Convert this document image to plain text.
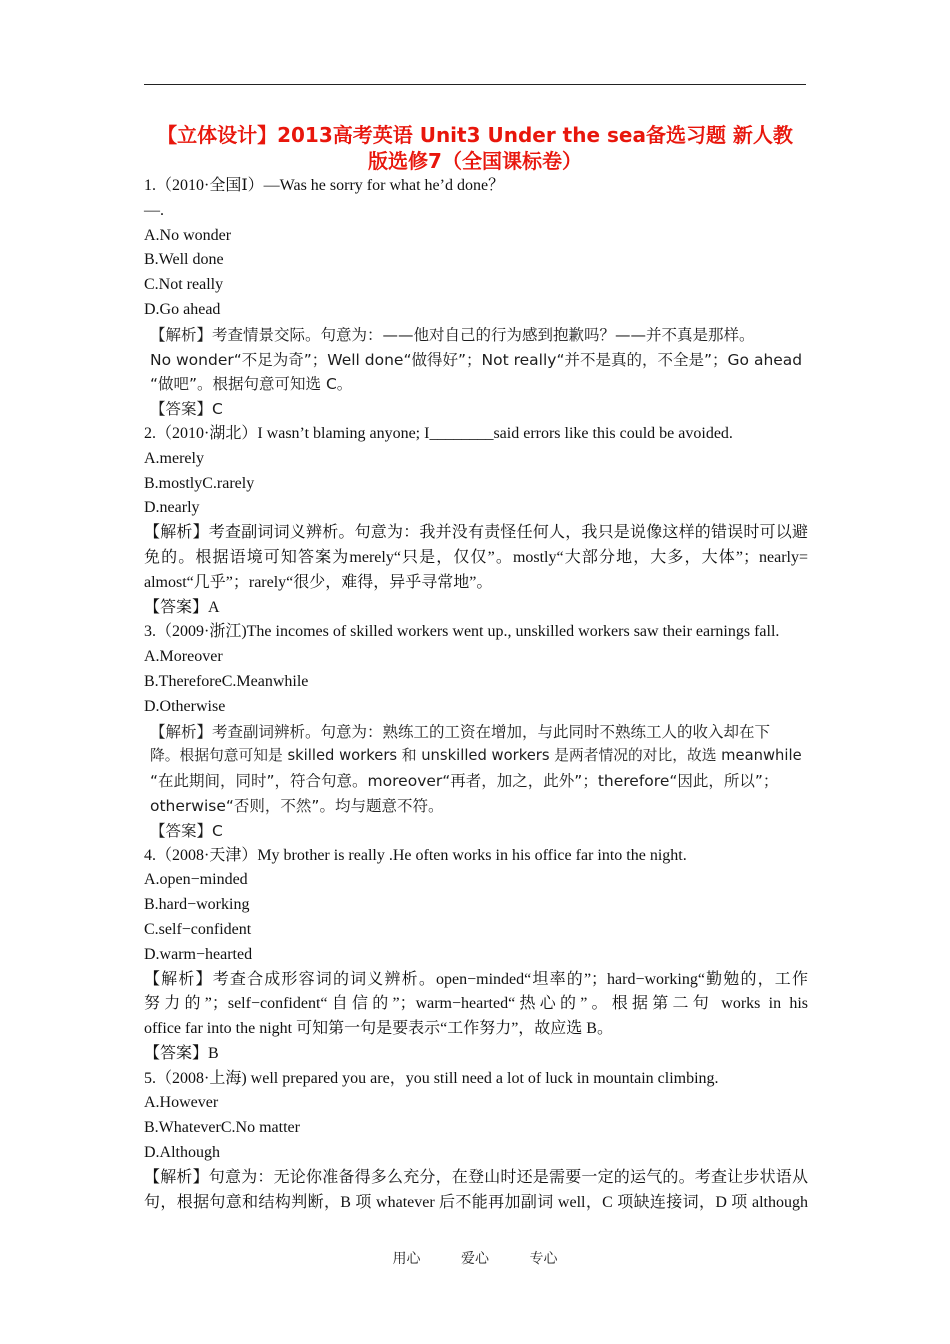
【立体设计】2013高考英语 Unit3 Under the sea备选习题 新人教
版选修7（全国课标卷）
1.（2010·全国Ⅰ）—Was he sorry for what he’d done？
—.
A.No wonder
B.Well done
C.Not really
D.Go ahead
【解析】考查情景交际。句意为：——他对自己的行为感到抱歉吗？——并不真是那样。
No wonder“不足为奇”；Well done“做得好”；Not really“并不是真的，不全是”；Go ahead
“做吧”。根据句意可知选 C。
【答案】C
2.（2010·湖北）I wasn’t blaming anyone; I________said errors like this could be avoided.
A.merely
B.mostlyC.rarely
D.nearly
【解析】考查副词词义辨析。句意为：我并没有责怪任何人，我只是说像这样的错误时可以避
免的。根据语境可知答案为merely“只是，仅仅”。mostly“大部分地，大多，大体”；nearly=
almost“几乎”；rarely“很少，难得，异乎寻常地”。
【答案】A
3.（2009·浙江)The incomes of skilled workers went up., unskilled workers saw their earnings fall.
A.Moreover
B.ThereforeC.Meanwhile
D.Otherwise
【解析】考查副词辨析。句意为：熟练工的工资在增加，与此同时不熟练工人的收入却在下
降。根据句意可知是 skilled workers 和 unskilled workers 是两者情况的对比，故选 meanwhile
“在此期间，同时”，符合句意。moreover“再者，加之，此外”；therefore“因此，所以”；
otherwise“否则，不然”。均与题意不符。
【答案】C
4.（2008·天津）My brother is really .He often works in his office far into the night.
A.open−minded
B.hard−working
C.self−confident
D.warm−hearted
【解析】考查合成形容词的词义辨析。open−minded“坦率的”；hard−working“勤勉的，工作
努力的”；self−confident“自信的”；warm−hearted“热心的”。根据第二句 works in his
office far into the night 可知第一句是要表示“工作努力”，故应选 B。
【答案】B
5.（2008·上海) well prepared you are，you still need a lot of luck in mountain climbing.
A.However
B.WhateverC.No matter
D.Although
【解析】句意为：无论你准备得多么充分，在登山时还是需要一定的运气的。考查让步状语从
句，根据句意和结构判断，B 项 whatever 后不能再加副词 well，C 项缺连接词，D 项 although
用心	爱心	专心
